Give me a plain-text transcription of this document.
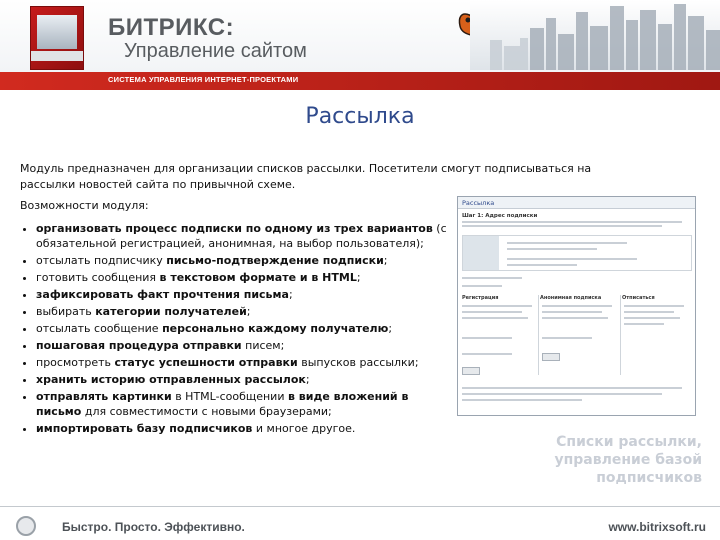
БИТРИКС:
Управление сайтом
СИСТЕМА УПРАВЛЕНИЯ ИНТЕРНЕТ-ПРОЕКТАМИ
Рассылка
Модуль предназначен для организации списков рассылки. Посетители смогут подписываться на рассылки новостей сайта по привычной схеме.
Возможности модуля:
• организовать процесс подписки по одному из трех вариантов (с обязательной регистрацией, анонимная, на выбор пользователя);
• отсылать подписчику письмо-подтверждение подписки;
• готовить сообщения в текстовом формате и в HTML;
• зафиксировать факт прочтения письма;
• выбирать категории получателей;
• отсылать сообщение персонально каждому получателю;
• пошаговая процедура отправки писем;
• просмотреть статус успешности отправки выпусков рассылки;
• хранить историю отправленных рассылок;
• отправлять картинки в HTML-сообщении в виде вложений в письмо для совместимости с новыми браузерами;
• импортировать базу подписчиков и многое другое.
Рассылка
Шаг 1: Адрес подписки
Регистрация	Анонимная подписка	Отписаться
Списки рассылки, управление базой подписчиков
Быстро. Просто. Эффективно.	www.bitrixsoft.ru
